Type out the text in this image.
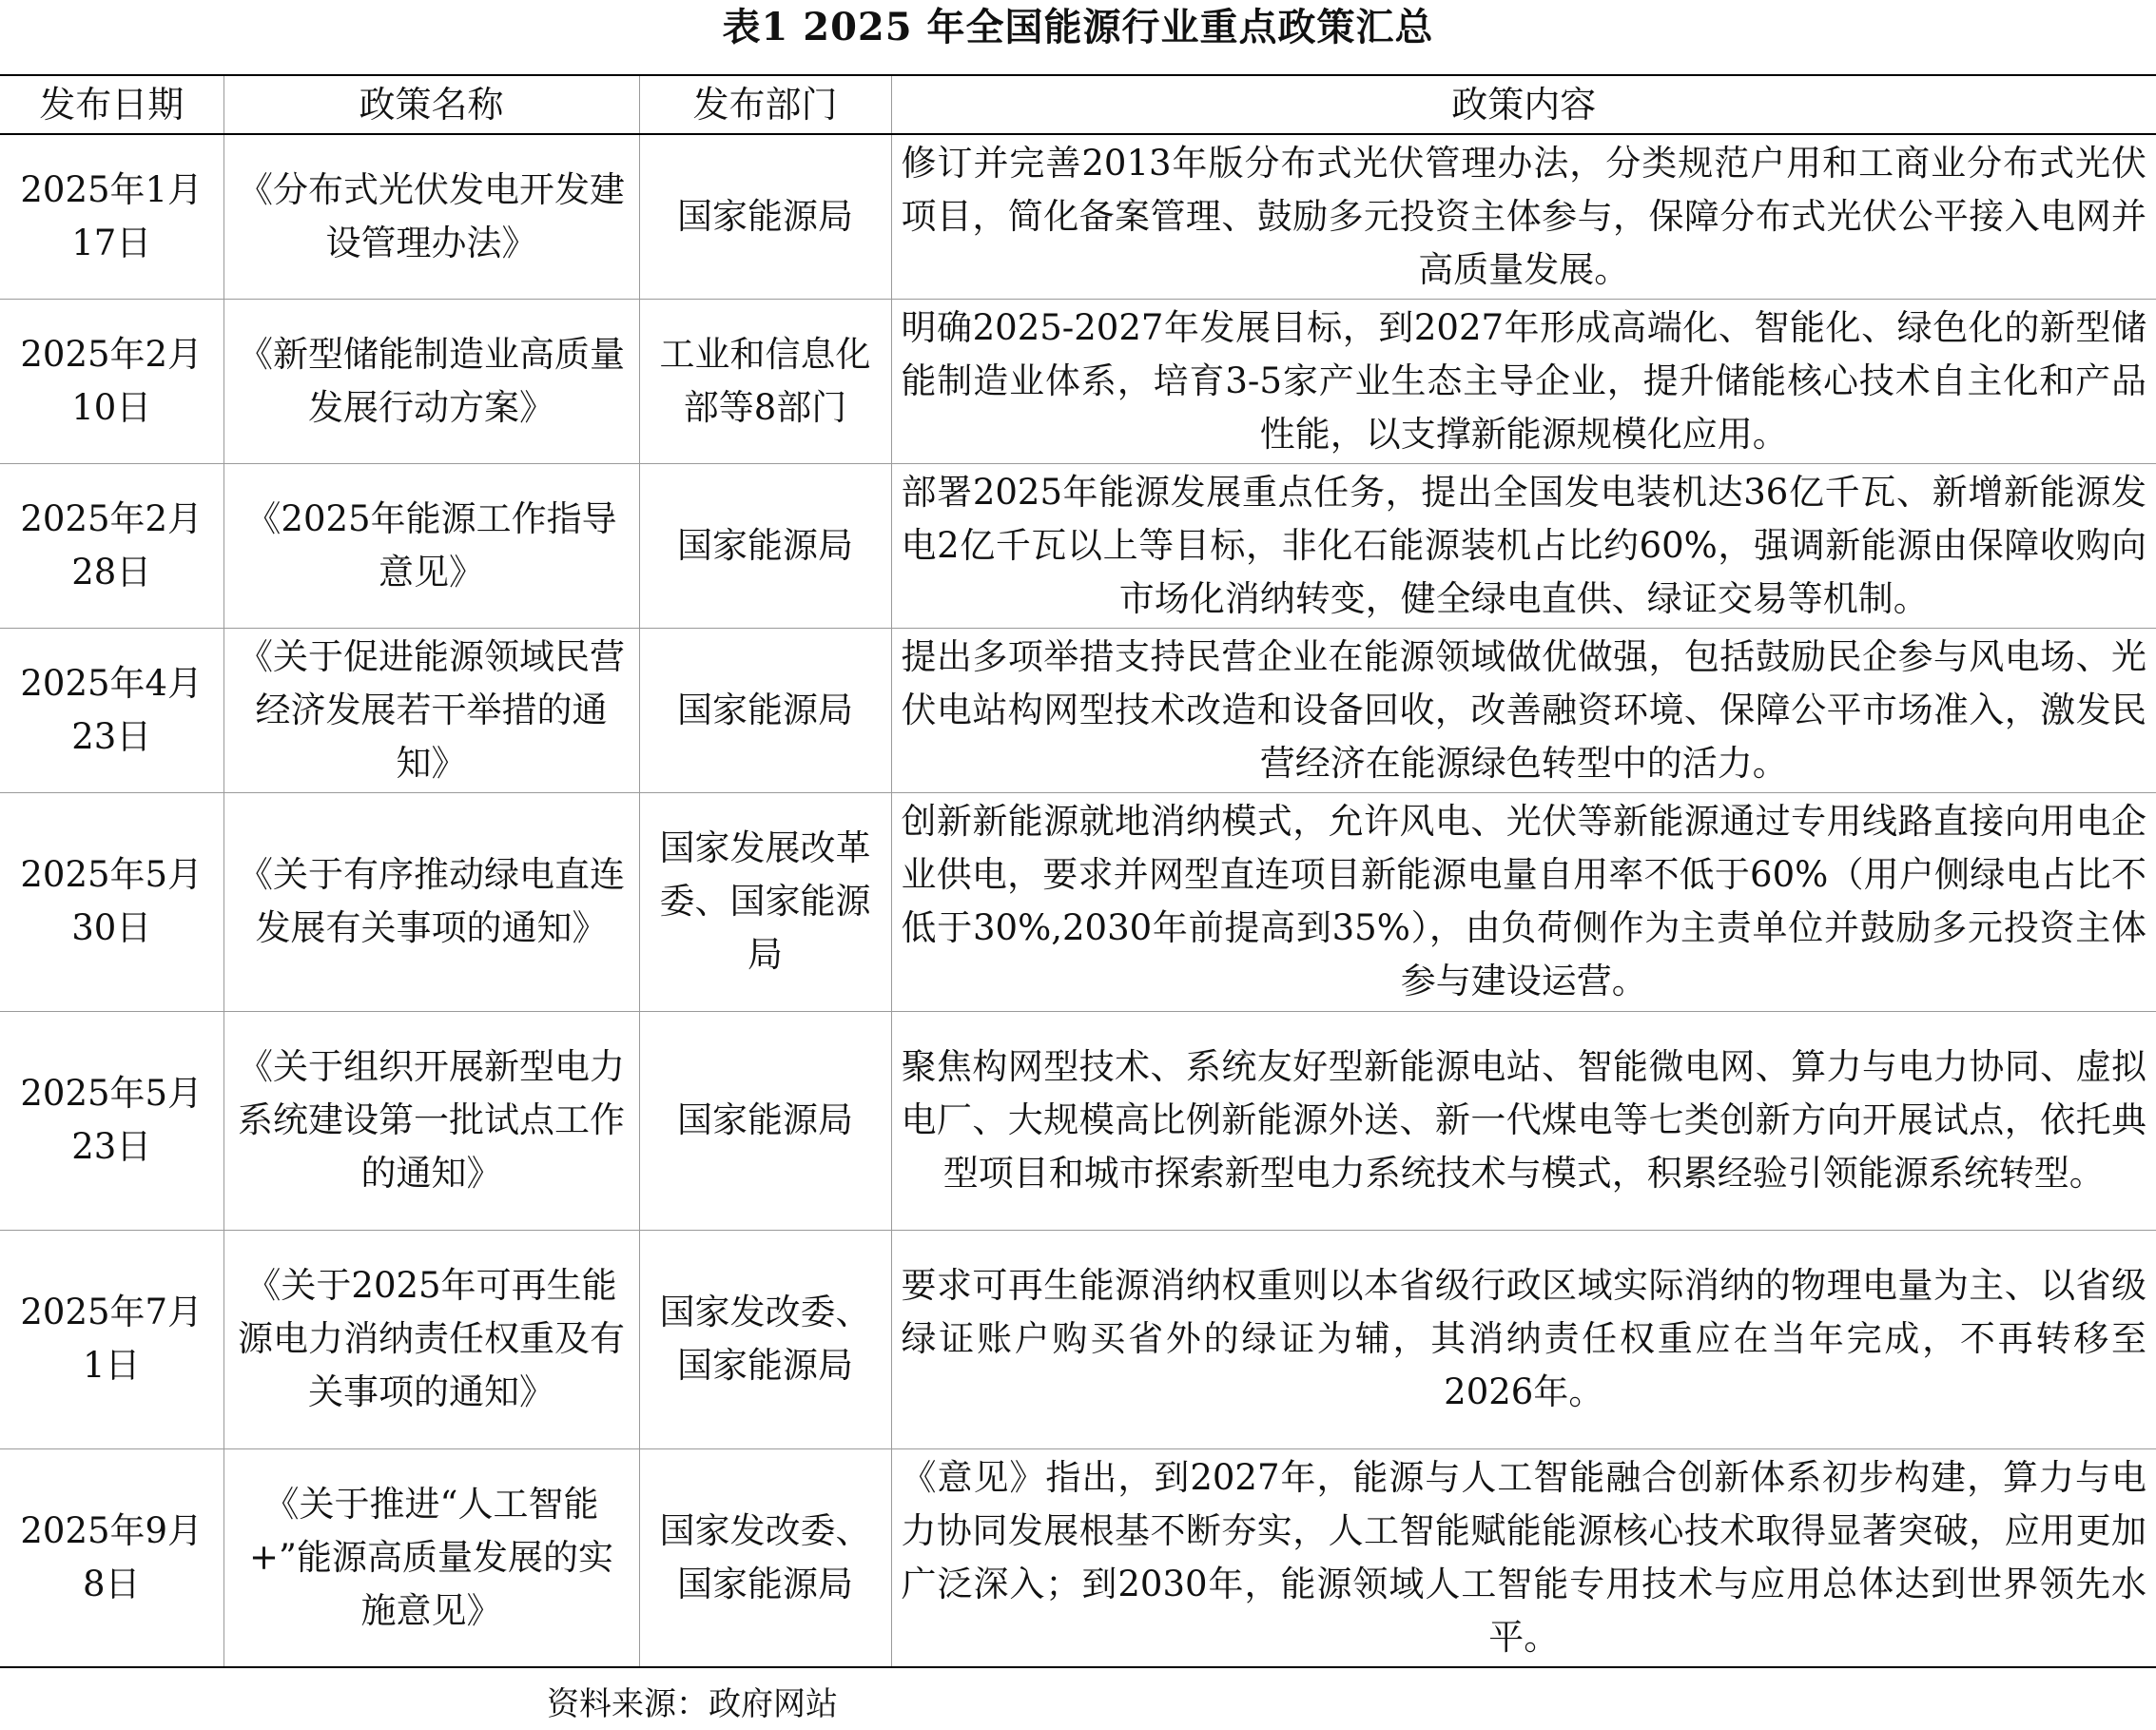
表1 2025 年全国能源行业重点政策汇总
发布日期	政策名称	发布部门	政策内容
2025年1月17日	《分布式光伏发电开发建设管理办法》	国家能源局	修订并完善2013年版分布式光伏管理办法，分类规范户用和工商业分布式光伏项目，简化备案管理、鼓励多元投资主体参与，保障分布式光伏公平接入电网并高质量发展。
2025年2月10日	《新型储能制造业高质量发展行动方案》	工业和信息化部等8部门	明确2025-2027年发展目标，到2027年形成高端化、智能化、绿色化的新型储能制造业体系，培育3-5家产业生态主导企业，提升储能核心技术自主化和产品性能，以支撑新能源规模化应用。
2025年2月28日	《2025年能源工作指导意见》	国家能源局	部署2025年能源发展重点任务，提出全国发电装机达36亿千瓦、新增新能源发电2亿千瓦以上等目标，非化石能源装机占比约60%，强调新能源由保障收购向市场化消纳转变，健全绿电直供、绿证交易等机制。
2025年4月23日	《关于促进能源领域民营经济发展若干举措的通知》	国家能源局	提出多项举措支持民营企业在能源领域做优做强，包括鼓励民企参与风电场、光伏电站构网型技术改造和设备回收，改善融资环境、保障公平市场准入，激发民营经济在能源绿色转型中的活力。
2025年5月30日	《关于有序推动绿电直连发展有关事项的通知》	国家发展改革委、国家能源局	创新新能源就地消纳模式，允许风电、光伏等新能源通过专用线路直接向用电企业供电，要求并网型直连项目新能源电量自用率不低于60%（用户侧绿电占比不低于30%,2030年前提高到35%），由负荷侧作为主责单位并鼓励多元投资主体参与建设运营。
2025年5月23日	《关于组织开展新型电力系统建设第一批试点工作的通知》	国家能源局	聚焦构网型技术、系统友好型新能源电站、智能微电网、算力与电力协同、虚拟电厂、大规模高比例新能源外送、新一代煤电等七类创新方向开展试点，依托典型项目和城市探索新型电力系统技术与模式，积累经验引领能源系统转型。
2025年7月1日	《关于2025年可再生能源电力消纳责任权重及有关事项的通知》	国家发改委、国家能源局	要求可再生能源消纳权重则以本省级行政区域实际消纳的物理电量为主、以省级绿证账户购买省外的绿证为辅，其消纳责任权重应在当年完成，不再转移至2026年。
2025年9月8日	《关于推进“人工智能+”能源高质量发展的实施意见》	国家发改委、国家能源局	《意见》指出，到2027年，能源与人工智能融合创新体系初步构建，算力与电力协同发展根基不断夯实，人工智能赋能能源核心技术取得显著突破，应用更加广泛深入；到2030年，能源领域人工智能专用技术与应用总体达到世界领先水平。
资料来源：政府网站
